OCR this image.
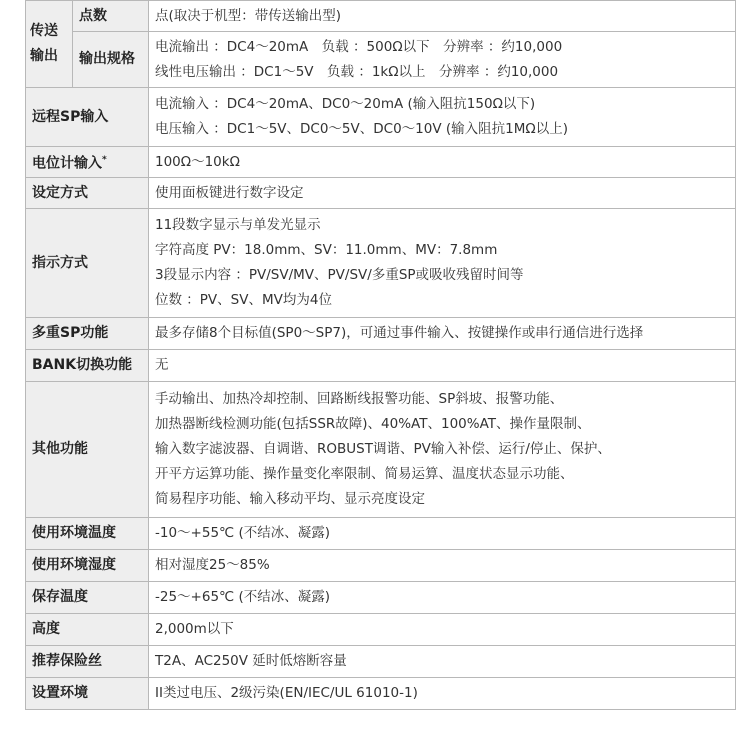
传送
输出	点数	点(取决于机型：带传送输出型)
	输出规格	电流输出 ：DC4～20mA　负载 ：500Ω以下　分辨率 ：约10,000
线性电压输出 ：DC1～5V　负载 ：1kΩ以上　分辨率 ：约10,000

远程SP输入		电流输入 ：DC4～20mA、DC0～20mA (输入阻抗150Ω以下)
电压输入 ：DC1～5V、DC0～5V、DC0～10V (输入阻抗1MΩ以上)

电位计输入*		100Ω～10kΩ
设定方式		使用面板键进行数字设定
指示方式		11段数字显示与单发光显示
字符高度 PV：18.0mm、SV：11.0mm、MV：7.8mm
3段显示内容 ：PV/SV/MV、PV/SV/多重SP或吸收残留时间等
位数 ：PV、SV、MV均为4位

多重SP功能		最多存储8个目标值(SP0～SP7)，可通过事件输入、按键操作或串行通信进行选择
BANK切换功能		无
其他功能		手动输出、加热冷却控制、回路断线报警功能、SP斜坡、报警功能、
加热器断线检测功能(包括SSR故障)、40%AT、100%AT、操作量限制、
输入数字滤波器、自调谐、ROBUST调谐、PV输入补偿、运行/停止、保护、
开平方运算功能、操作量变化率限制、简易运算、温度状态显示功能、
简易程序功能、输入移动平均、显示亮度设定

使用环境温度		-10～+55℃ (不结冰、凝露)
使用环境湿度		相对湿度25～85%
保存温度		-25～+65℃ (不结冰、凝露)
高度		2,000m以下
推荐保险丝		T2A、AC250V 延时低熔断容量
设置环境		II类过电压、2级污染(EN/IEC/UL 61010-1)
